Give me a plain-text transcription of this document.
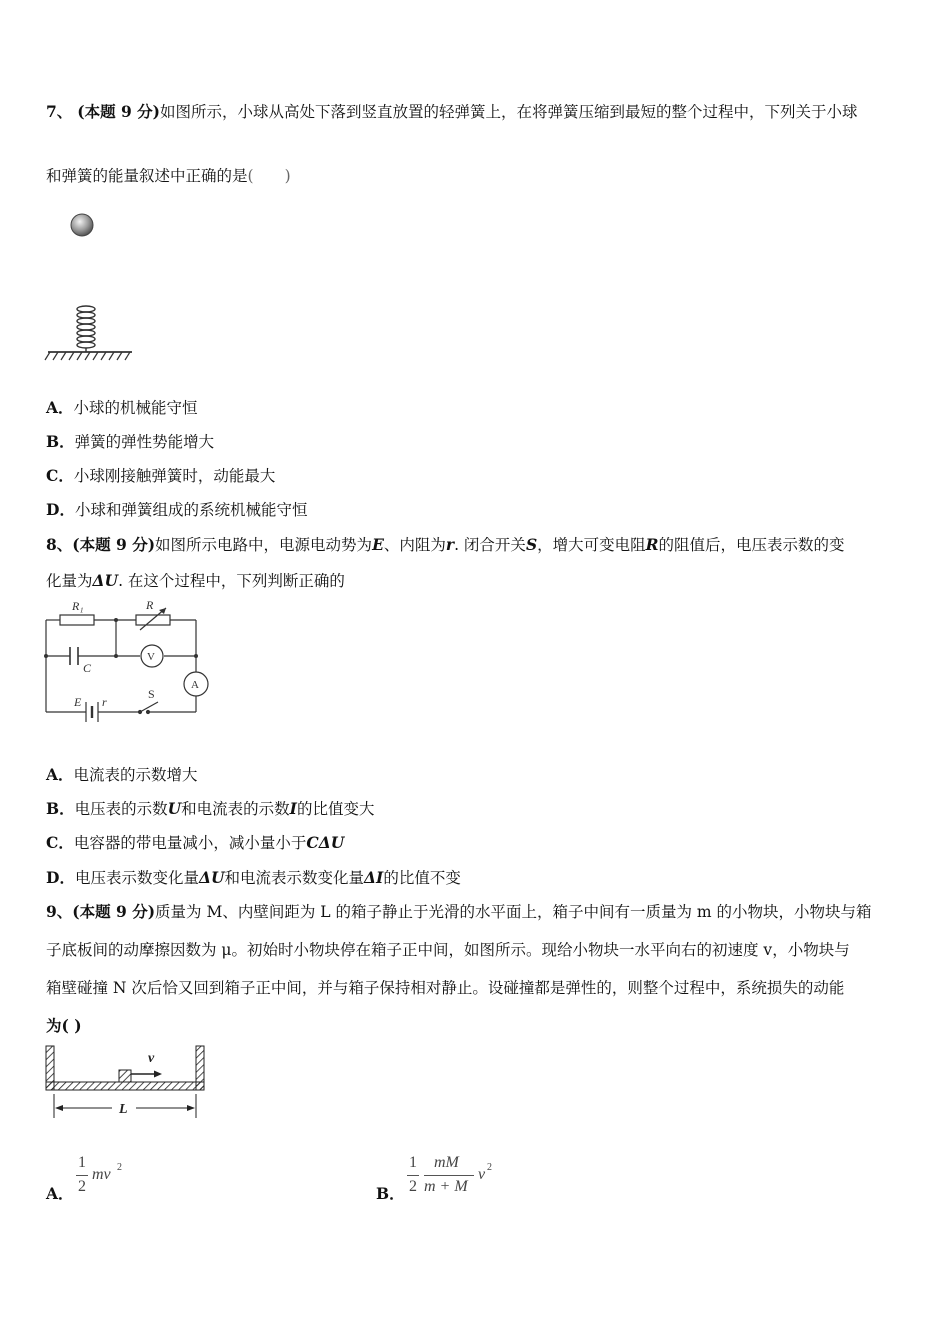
7、 (本题 9 分)如图所示，小球从高处下落到竖直放置的轻弹簧上，在将弹簧压缩到最短的整个过程中，下列关于小球
和弹簧的能量叙述中正确的是(　　)
A．小球的机械能守恒
B．弹簧的弹性势能增大
C．小球刚接触弹簧时，动能最大
D．小球和弹簧组成的系统机械能守恒
8、(本题 9 分)如图所示电路中，电源电动势为E、内阻为r. 闭合开关S，增大可变电阻R的阻值后，电压表示数的变
化量为ΔU. 在这个过程中，下列判断正确的
R₁	R
C
V
A
E r
S
A．电流表的示数增大
B．电压表的示数U和电流表的示数I的比值变大
C．电容器的带电量减小，减小量小于CΔU
D．电压表示数变化量ΔU和电流表示数变化量ΔI的比值不变
9、(本题 9 分)质量为 M、内壁间距为 L 的箱子静止于光滑的水平面上，箱子中间有一质量为 m 的小物块，小物块与箱
子底板间的动摩擦因数为 μ。初始时小物块停在箱子正中间，如图所示。现给小物块一水平向右的初速度 v，小物块与
箱壁碰撞 N 次后恰又回到箱子正中间，并与箱子保持相对静止。设碰撞都是弹性的，则整个过程中，系统损失的动能
为( )
v
L
A．
1
2
mv 2
B．
1
2
mM
m + M
v 2
